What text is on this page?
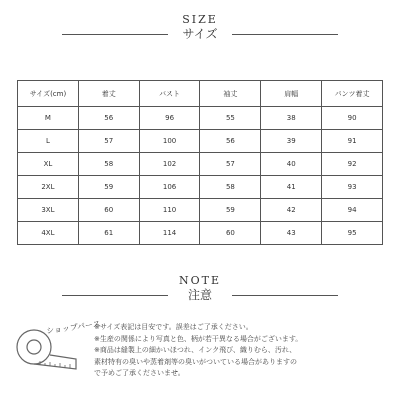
SIZE
サイズ
サイズ(cm)	着丈	バスト	袖丈	肩幅	パンツ着丈
M	56	96	55	38	90
L	57	100	56	39	91
XL	58	102	57	40	92
2XL	59	106	58	41	93
3XL	60	110	59	42	94
4XL	61	114	60	43	95
NOTE
注意
ショップパース
※サイズ表記は目安です。誤差はご了承ください。
※生産の関係により写真と色、柄が若干異なる場合がございます。
※商品は縫製上の細かいほつれ、インク飛び、織りむら、汚れ、
素材特有の臭いや蒸着剤等の臭いがついている場合がありますの
で予めご了承くださいませ。
